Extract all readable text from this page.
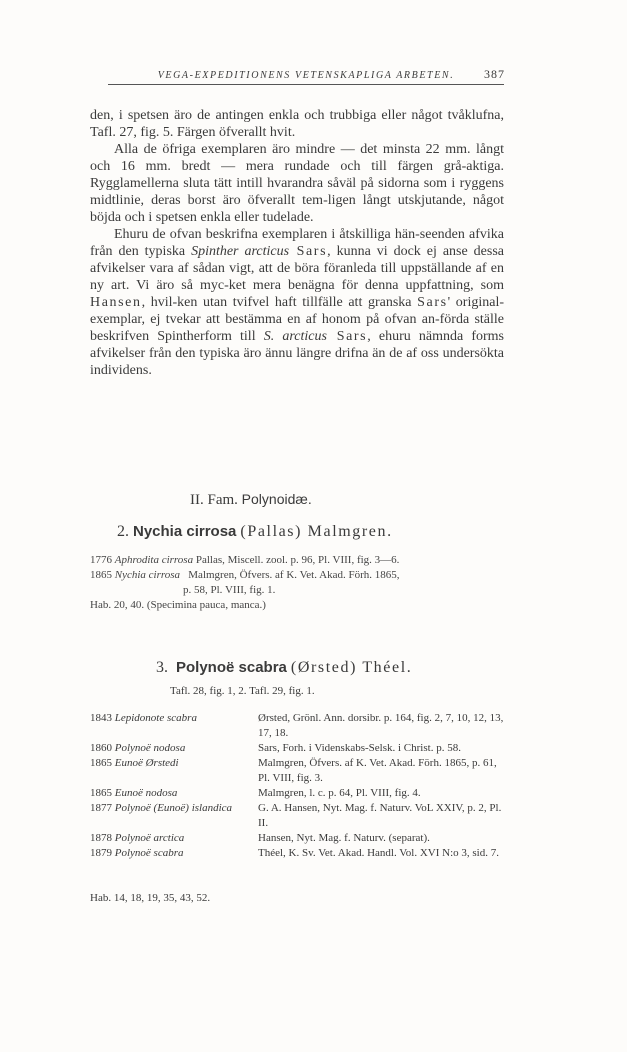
VEGA-EXPEDITIONENS VETENSKAPLIGA ARBETEN.	387

den, i spetsen äro de antingen enkla och trubbiga eller något tvåklufna, Tafl. 27, fig. 5. Färgen öfverallt hvit.

Alla de öfriga exemplaren äro mindre — det minsta 22 mm. långt och 16 mm. bredt — mera rundade och till färgen grå-aktiga. Rygglamellerna sluta tätt intill hvarandra såväl på sidorna som i ryggens midtlinie, deras borst äro öfverallt tem-ligen långt utskjutande, något böjda och i spetsen enkla eller tudelade.

Ehuru de ofvan beskrifna exemplaren i åtskilliga hän-seenden afvika från den typiska Spinther arcticus Sars, kunna vi dock ej anse dessa afvikelser vara af sådan vigt, att de böra föranleda till uppställande af en ny art. Vi äro så myc-ket mera benägna för denna uppfattning, som Hansen, hvil-ken utan tvifvel haft tillfälle att granska Sars' original-exemplar, ej tvekar att bestämma en af honom på ofvan an-förda ställe beskrifven Spintherform till S. arcticus Sars, ehuru nämnda forms afvikelser från den typiska äro ännu längre drifna än de af oss undersökta individens.

II. Fam. Polynoidæ.
2. Nychia cirrosa (Pallas) Malmgren.
1776 Aphrodita cirrosa Pallas, Miscell. zool. p. 96, Pl. VIII, fig. 3—6.
1865 Nychia cirrosa Malmgren, Öfvers. af K. Vet. Akad. Förh. 1865,
p. 58, Pl. VIII, fig. 1.
Hab. 20, 40. (Specimina pauca, manca.)
3. Polynoë scabra (Ørsted) Théel.
Tafl. 28, fig. 1, 2. Tafl. 29, fig. 1.
1843 Lepidonote scabra	Ørsted, Grönl. Ann. dorsibr. p. 164, fig. 2, 7, 10, 12, 13, 17, 18.
1860 Polynoë nodosa	Sars, Forh. i Videnskabs-Selsk. i Christ. p. 58.
1865 Eunoë Ørstedi	Malmgren, Öfvers. af K. Vet. Akad. Förh. 1865, p. 61, Pl. VIII, fig. 3.
1865 Eunoë nodosa	Malmgren, l. c. p. 64, Pl. VIII, fig. 4.
1877 Polynoë (Eunoë) islandica	G. A. Hansen, Nyt. Mag. f. Naturv. VoL XXIV, p. 2, Pl. II.
1878 Polynoë arctica	Hansen, Nyt. Mag. f. Naturv. (separat).
1879 Polynoë scabra	Théel, K. Sv. Vet. Akad. Handl. Vol. XVI N:o 3, sid. 7.
Hab. 14, 18, 19, 35, 43, 52.
